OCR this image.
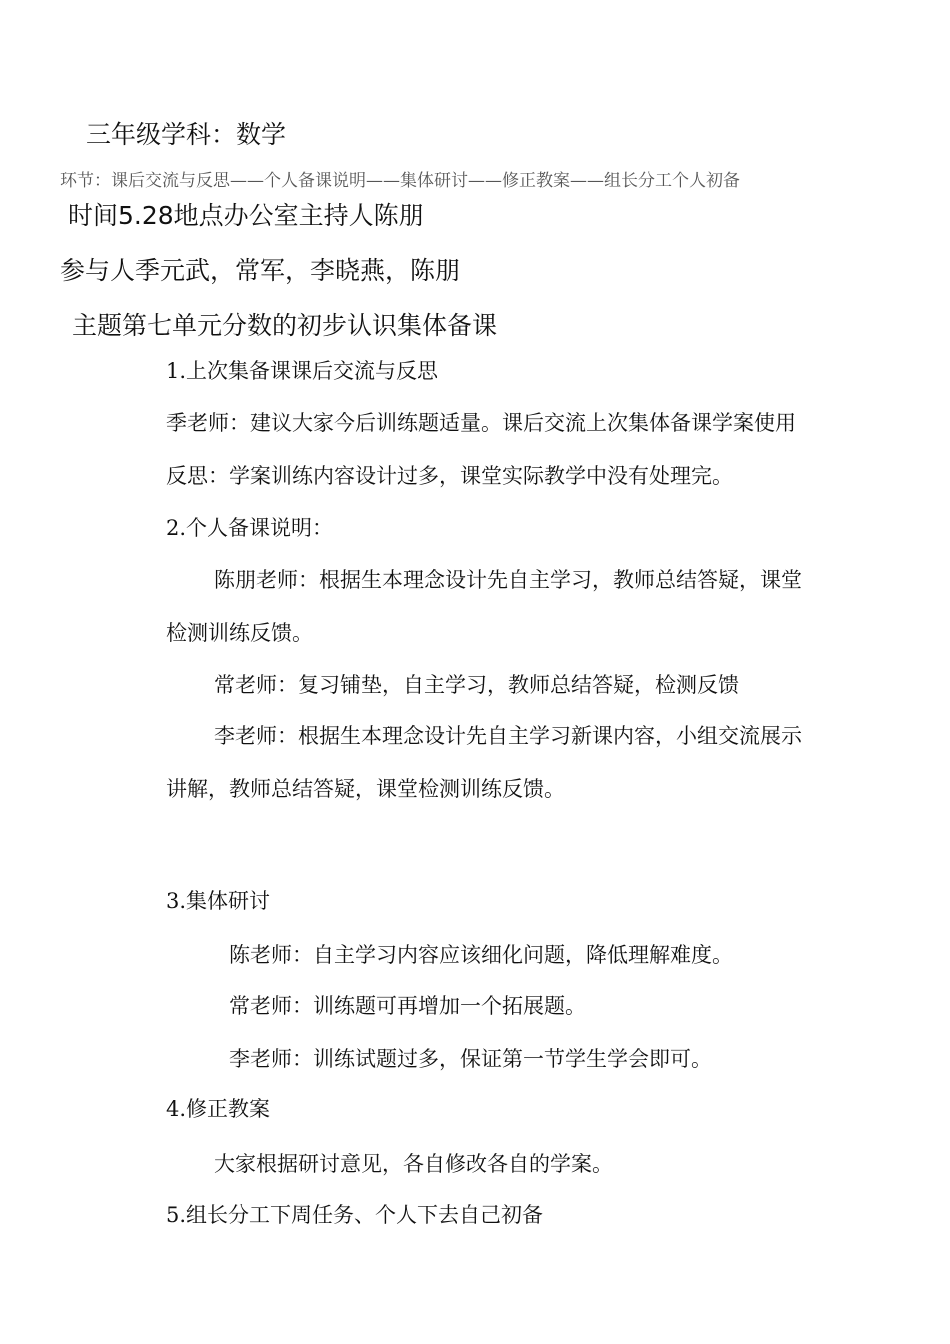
三年级学科：数学
环节：课后交流与反思——个人备课说明——集体研讨——修正教案——组长分工个人初备
时间5.28地点办公室主持人陈朋
参与人季元武，常军，李晓燕，陈朋
主题第七单元分数的初步认识集体备课
1.上次集备课课后交流与反思
季老师：建议大家今后训练题适量。课后交流上次集体备课学案使用
反思：学案训练内容设计过多，课堂实际教学中没有处理完。
2.个人备课说明：
陈朋老师：根据生本理念设计先自主学习，教师总结答疑，课堂
检测训练反馈。
常老师：复习铺垫，自主学习，教师总结答疑，检测反馈
李老师：根据生本理念设计先自主学习新课内容，小组交流展示
讲解，教师总结答疑，课堂检测训练反馈。
3.集体研讨
陈老师：自主学习内容应该细化问题，降低理解难度。
常老师：训练题可再增加一个拓展题。
李老师：训练试题过多，保证第一节学生学会即可。
4.修正教案
大家根据研讨意见，各自修改各自的学案。
5.组长分工下周任务、个人下去自己初备
